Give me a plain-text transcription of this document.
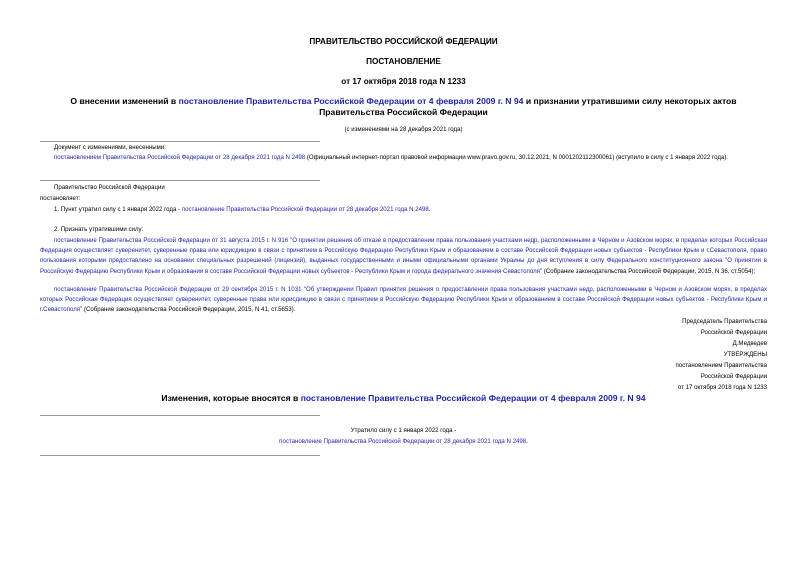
ПРАВИТЕЛЬСТВО РОССИЙСКОЙ ФЕДЕРАЦИИ
ПОСТАНОВЛЕНИЕ
от 17 октября 2018 года N 1233
О внесении изменений в постановление Правительства Российской Федерации от 4 февраля 2009 г. N 94 и признании утратившими силу некоторых актов Правительства Российской Федерации
(с изменениями на 28 декабря 2021 года)
Документ с изменениями, внесенными:
постановлением Правительства Российской Федерации от 28 декабря 2021 года N 2498 (Официальный интернет-портал правовой информации www.pravo.gov.ru, 30.12.2021, N 0001202112300061) (вступило в силу с 1 января 2022 года).
Правительство Российской Федерации
постановляет:
1. Пункт утратил силу с 1 января 2022 года - постановление Правительства Российской Федерации от 28 декабря 2021 года N 2498.
2. Признать утратившими силу:
постановление Правительства Российской Федерации от 31 августа 2015 г. N 916 "О принятии решения об отказе в предоставлении права пользования участками недр, расположенными в Черном и Азовском морях, в пределах которых Российская Федерация осуществляет суверенитет, суверенные права или юрисдикцию в связи с принятием в Российскую Федерацию Республики Крым и образованием в составе Российской Федерации новых субъектов - Республики Крым и г.Севастополя, право пользования которыми предоставлено на основании специальных разрешений (лицензий), выданных государственными и иными официальными органами Украины до дня вступления в силу Федерального конституционного закона "О принятии в Российскую Федерацию Республики Крым и образовании в составе Российской Федерации новых субъектов - Республики Крым и города федерального значения Севастополя" (Собрание законодательства Российской Федерации, 2015, N 36, ст.5054);
постановление Правительства Российской Федерации от 29 сентября 2015 г. N 1031 "Об утверждении Правил принятия решения о предоставлении права пользования участками недр, расположенными в Черном и Азовском морях, в пределах которых Российская Федерация осуществляет суверенитет, суверенные права или юрисдикцию в связи с принятием в Российскую Федерацию Республики Крым и образованием в составе Российской Федерации новых субъектов - Республики Крым и г.Севастополя" (Собрание законодательства Российской Федерации, 2015, N 41, ст.5653).
Председатель Правительства
Российской Федерации
Д.Медведев
УТВЕРЖДЕНЫ
постановлением Правительства
Российской Федерации
от 17 октября 2018 года N 1233
Изменения, которые вносятся в постановление Правительства Российской Федерации от 4 февраля 2009 г. N 94
Утратило силу с 1 января 2022 года -
постановление Правительства Российской Федерации от 28 декабря 2021 года N 2498.
